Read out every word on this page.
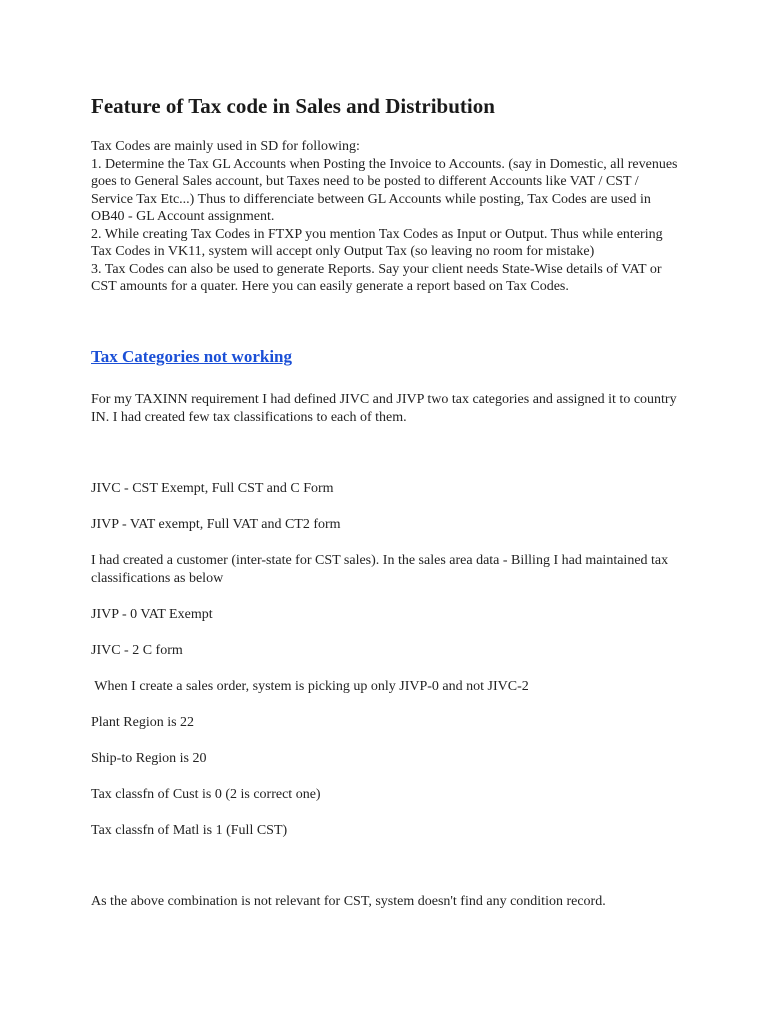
Feature of Tax code in Sales and Distribution

Tax Codes are mainly used in SD for following:

1. Determine the Tax GL Accounts when Posting the Invoice to Accounts. (say in Domestic, all revenues goes to General Sales account, but Taxes need to be posted to different Accounts like VAT / CST / Service Tax Etc...) Thus to differenciate between GL Accounts while posting, Tax Codes are used in OB40 - GL Account assignment.

2. While creating Tax Codes in FTXP you mention Tax Codes as Input or Output. Thus while entering Tax Codes in VK11, system will accept only Output Tax (so leaving no room for mistake)

3. Tax Codes can also be used to generate Reports. Say your client needs State-Wise details of VAT or CST amounts for a quater. Here you can easily generate a report based on Tax Codes.

Tax Categories not working

For my TAXINN requirement I had defined JIVC and JIVP two tax categories and assigned it to country IN. I had created few tax classifications to each of them.

JIVC - CST Exempt, Full CST and C Form

JIVP - VAT exempt, Full VAT and CT2 form

I had created a customer (inter-state for CST sales). In the sales area data - Billing I had maintained tax classifications as below

JIVP - 0 VAT Exempt

JIVC - 2 C form

When I create a sales order, system is picking up only JIVP-0 and not JIVC-2

Plant Region is 22

Ship-to Region is 20

Tax classfn of Cust is 0 (2 is correct one)

Tax classfn of Matl is 1 (Full CST)

As the above combination is not relevant for CST, system doesn't find any condition record.
